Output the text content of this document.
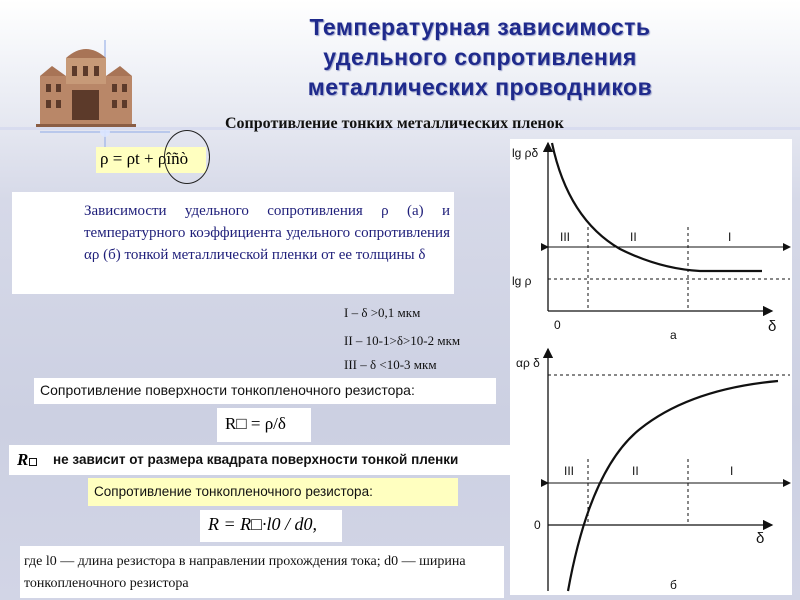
Температурная зависимость
удельного сопротивления
металлических проводников
Сопротивление тонких металлических пленок
ρ = ρt + ρîñò

Зависимости удельного сопротивления ρ (а) и температурного коэффициента удельного сопротивления αρ (б) тонкой металлической пленки от ее толщины δ

I – δ >0,1 мкм
II – 10-1>δ>10-2 мкм
III – δ <10-3 мкм
Сопротивление поверхности тонкопленочного резистора:
R□ = ρ/δ
R	не зависит от размера квадрата поверхности тонкой пленки
Сопротивление тонкопленочного резистора:
R = R□·l0 / d0,

где l0 — длина резистора в направлении прохождения тока; d0 — ширина тонкопленочного резистора

lg ρδ
lg ρ
0	δ
III	II	I
а
αρ δ
0
δ
III	II	I
б
